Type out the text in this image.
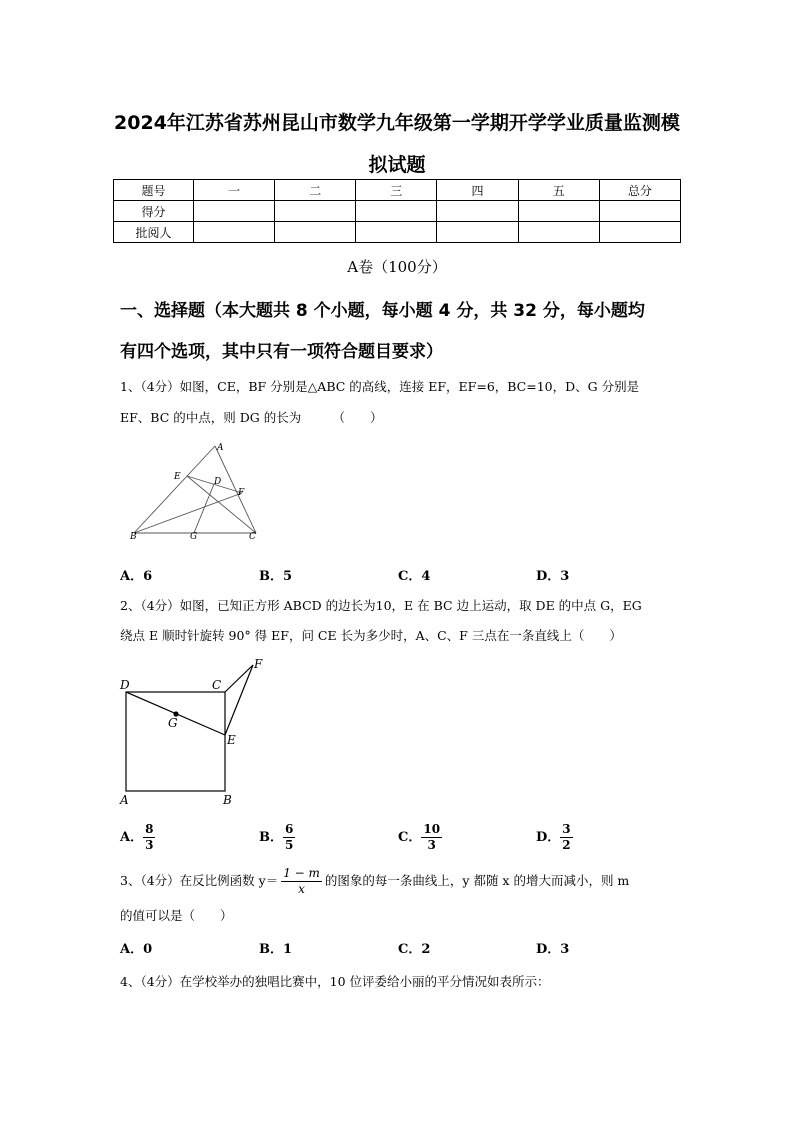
2024年江苏省苏州昆山市数学九年级第一学期开学学业质量监测模
拟试题
题号	一	二	三	四	五	总分
得分						
批阅人						
A卷（100分）
一、选择题（本大题共 8 个小题，每小题 4 分，共 32 分，每小题均
有四个选项，其中只有一项符合题目要求）
1、（4分）如图，CE，BF 分别是△ABC 的高线，连接 EF，EF=6，BC=10，D、G 分别是
EF、BC 的中点，则 DG 的长为　　　（　　）
A
E	D
F
B	G	C
A．6	B．5	C．4	D．3
2、（4分）如图，已知正方形 ABCD 的边长为10，E 在 BC 边上运动，取 DE 的中点 G，EG
绕点 E 顺时针旋转 90° 得 EF，问 CE 长为多少时，A、C、F 三点在一条直线上（　　）
D	C
F
G
E
A	B
A． $\frac{8}{3}$	B． $\frac{6}{5}$	C． $\frac{10}{3}$	D． $\frac{3}{2}$
3、（4分）在反比例函数 $y= \frac{1 - m}{x}$ 的图象的每一条曲线上，y 都随 x 的增大而减小，则 m
的值可以是（　　）
A．0	B．1	C．2	D．3
4、（4分）在学校举办的独唱比赛中，10 位评委给小丽的平分情况如表所示：
